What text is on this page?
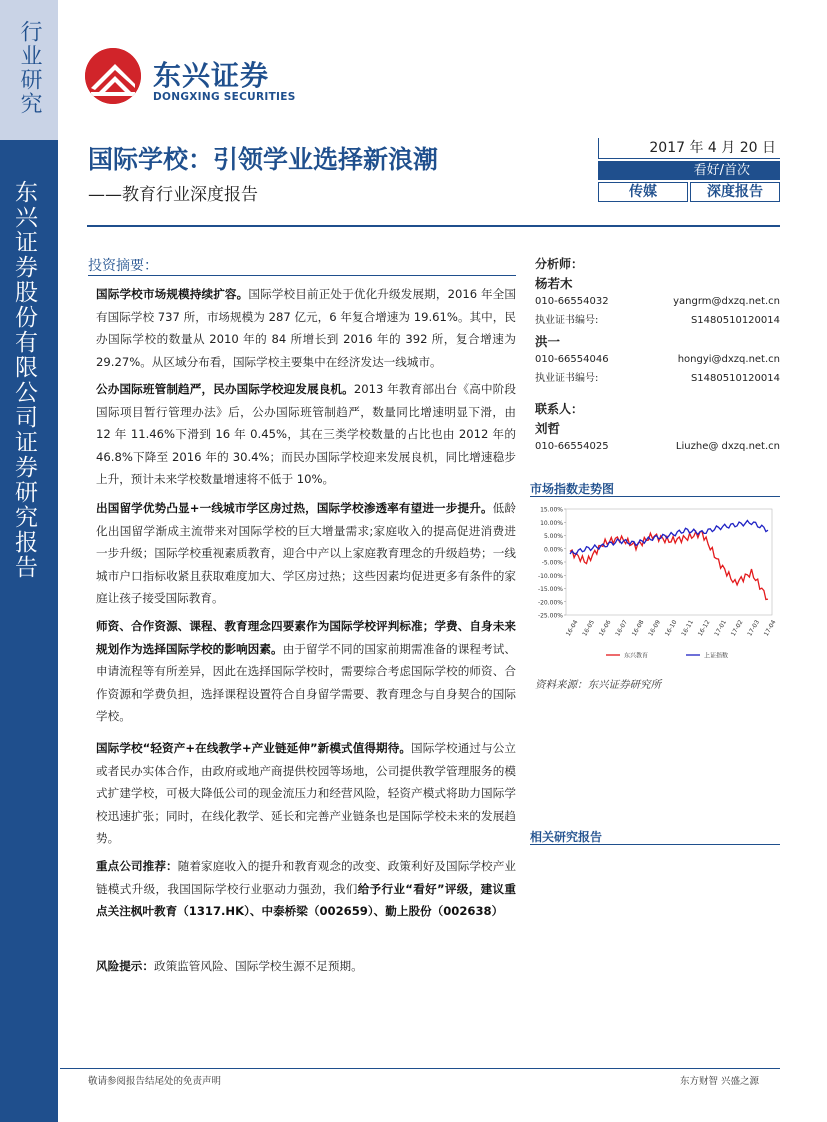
行业研究
东兴证券股份有限公司证券研究报告
东兴证券
DONGXING SECURITIES
国际学校：引领学业选择新浪潮
——教育行业深度报告
2017 年 4 月 20 日
看好/首次
传媒	深度报告
投资摘要：
国际学校市场规模持续扩容。国际学校目前正处于优化升级发展期，2016 年全国有国际学校 737 所，市场规模为 287 亿元，6 年复合增速为 19.61%。其中，民办国际学校的数量从 2010 年的 84 所增长到 2016 年的 392 所，复合增速为 29.27%。从区域分布看，国际学校主要集中在经济发达一线城市。
公办国际班管制趋严，民办国际学校迎发展良机。2013 年教育部出台《高中阶段国际项目暂行管理办法》后，公办国际班管制趋严，数量同比增速明显下滑，由 12 年 11.46%下滑到 16 年 0.45%，其在三类学校数量的占比也由 2012 年的 46.8%下降至 2016 年的 30.4%；而民办国际学校迎来发展良机，同比增速稳步上升，预计未来学校数量增速将不低于 10%。
出国留学优势凸显+一线城市学区房过热，国际学校渗透率有望进一步提升。低龄化出国留学渐成主流带来对国际学校的巨大增量需求;家庭收入的提高促进消费进一步升级；国际学校重视素质教育，迎合中产以上家庭教育理念的升级趋势；一线城市户口指标收紧且获取难度加大、学区房过热；这些因素均促进更多有条件的家庭让孩子接受国际教育。
师资、合作资源、课程、教育理念四要素作为国际学校评判标准；学费、自身未来规划作为选择国际学校的影响因素。由于留学不同的国家前期需准备的课程考试、申请流程等有所差异，因此在选择国际学校时，需要综合考虑国际学校的师资、合作资源和学费负担，选择课程设置符合自身留学需要、教育理念与自身契合的国际学校。
国际学校“轻资产+在线教学+产业链延伸”新模式值得期待。国际学校通过与公立或者民办实体合作，由政府或地产商提供校园等场地，公司提供教学管理服务的模式扩建学校，可极大降低公司的现金流压力和经营风险，轻资产模式将助力国际学校迅速扩张；同时，在线化教学、延长和完善产业链条也是国际学校未来的发展趋势。
重点公司推荐：随着家庭收入的提升和教育观念的改变、政策利好及国际学校产业链模式升级，我国国际学校行业驱动力强劲，我们给予行业“看好”评级，建议重点关注枫叶教育（1317.HK）、中泰桥梁（002659）、勤上股份（002638）
风险提示：政策监管风险、国际学校生源不足预期。
分析师：
杨若木
010-66554032	yangrm@dxzq.net.cn
执业证书编号:	S1480510120014
洪一
010-66554046	hongyi@dxzq.net.cn
执业证书编号:	S1480510120014
联系人：
刘哲
010-66554025	Liuzhe@ dxzq.net.cn
市场指数走势图
15.00%
10.00%
5.00%
0.00%
-5.00%
-10.00%
-15.00%
-20.00%
-25.00%
16-04 16-05 16-06 16-07 16-08 16-09 16-10 16-11 16-12 17-01 17-02 17-03 17-04
东兴教育	上证指数
资料来源：东兴证券研究所
相关研究报告
敬请参阅报告结尾处的免责声明	东方财智 兴盛之源
